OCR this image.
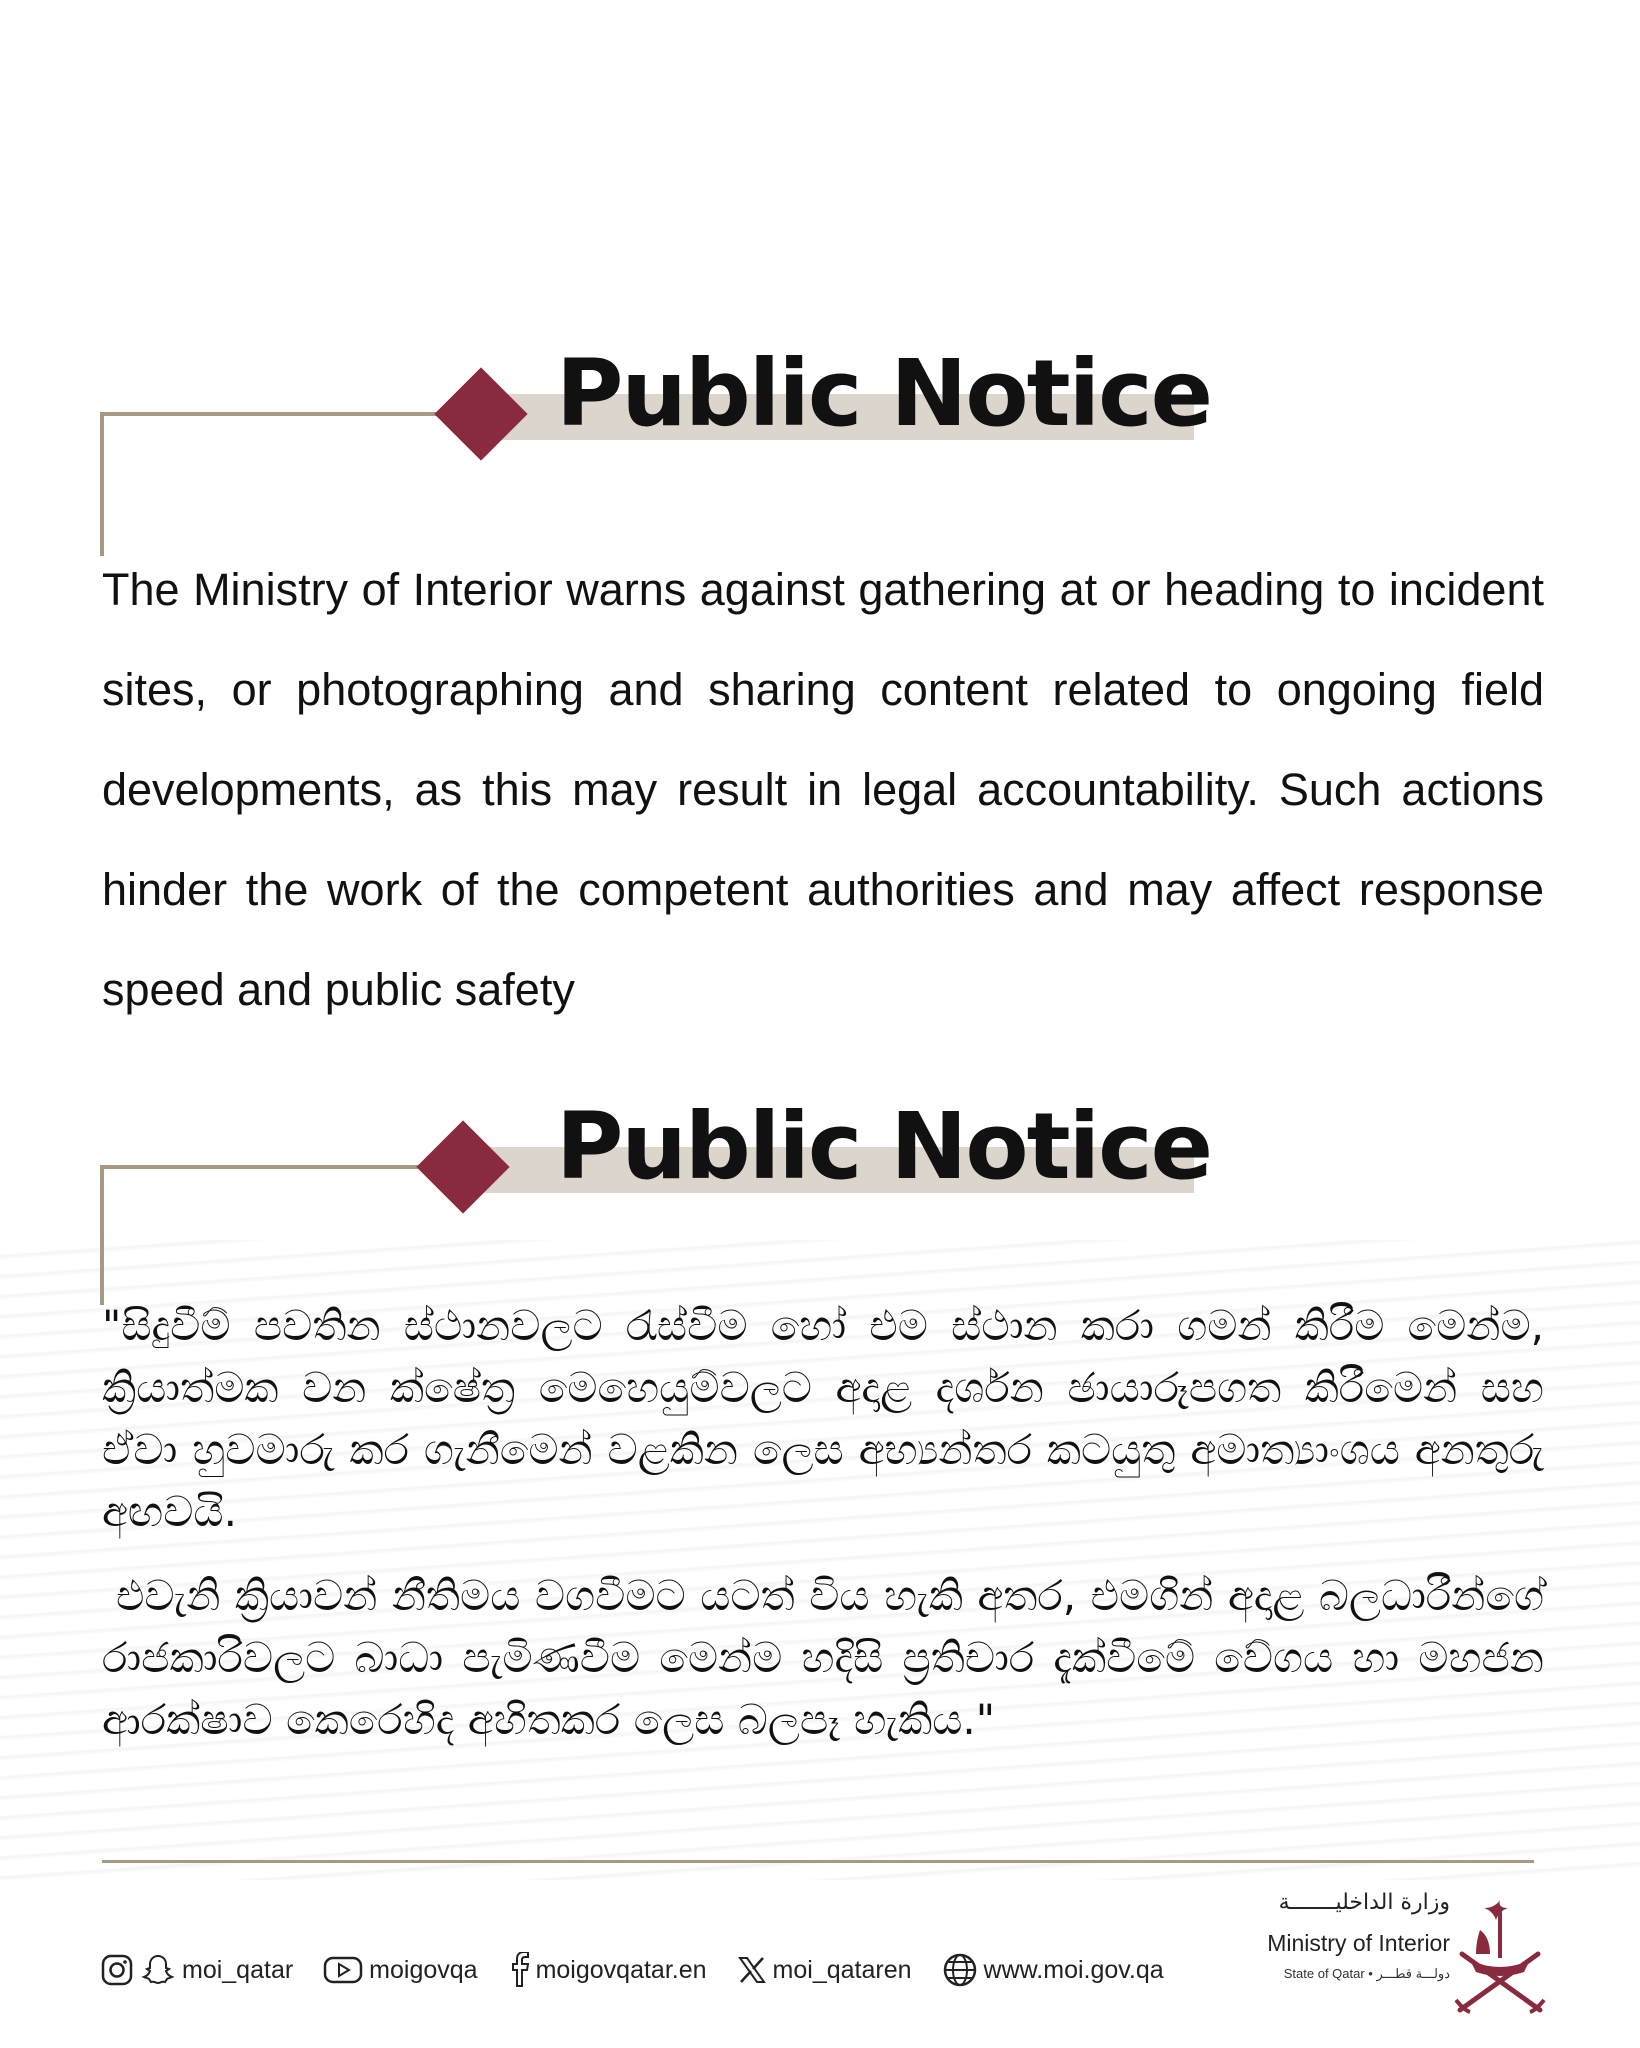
Public Notice

The Ministry of Interior warns against gathering at or heading to incident sites, or photographing and sharing content related to ongoing field developments, as this may result in legal accountability. Such actions hinder the work of the competent authorities and may affect response speed and public safety

Public Notice

"සිදුවීම් පවතින ස්ථානවලට රැස්වීම හෝ එම ස්ථාන කරා ගමන් කිරීම මෙන්ම, ක්‍රියාත්මක වන ක්ෂේත්‍ර මෙහෙයුම්වලට අදාළ දර්ශන ඡායාරූපගත කිරීමෙන් සහ ඒවා හුවමාරු කර ගැනීමෙන් වළකින ලෙස අභ්‍යන්තර කටයුතු අමාත්‍යාංශය අනතුරු අඟවයි.

එවැනි ක්‍රියාවන් නීතිමය වගවීමට යටත් විය හැකි අතර, එමගින් අදාළ බලධාරීන්ගේ රාජකාරිවලට බාධා පැමිණවීම මෙන්ම හදිසි ප්‍රතිචාර දැක්වීමේ වේගය හා මහජන ආරක්ෂාව කෙරෙහිද අහිතකර ලෙස බලපෑ හැකිය."

moi_qatar	moigovqa moigovqatar.en	moi_qataren	www.moi.gov.qa
وزارة الداخليـــــــة
Ministry of Interior
State of Qatar • دولـــة قطـــر
